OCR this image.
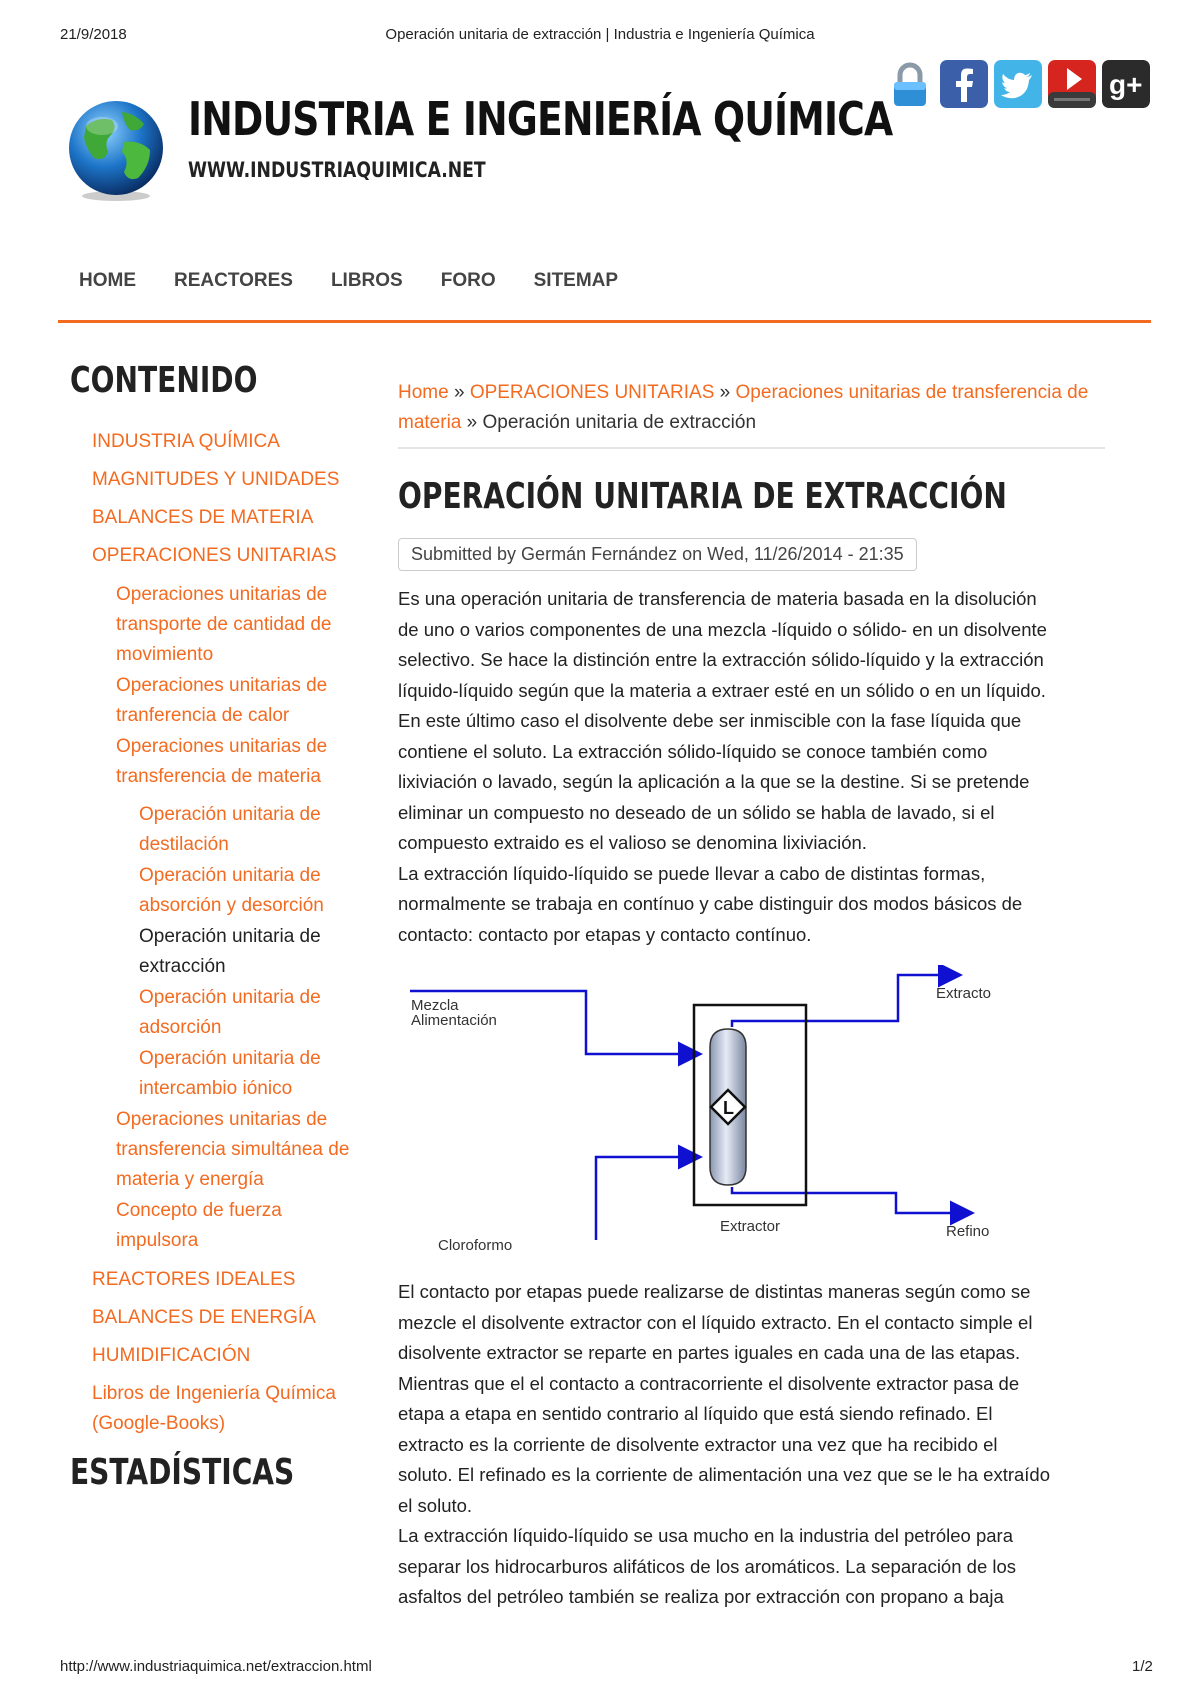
21/9/2018	Operación unitaria de extracción | Industria e Ingeniería Química
http://www.industriaquimica.net/extraccion.html	1/2
INDUSTRIA E INGENIERÍA QUÍMICA
WWW.INDUSTRIAQUIMICA.NET
g+
HOME	REACTORES	LIBROS	FORO	SITEMAP
CONTENIDO
INDUSTRIA QUÍMICA
MAGNITUDES Y UNIDADES
BALANCES DE MATERIA
OPERACIONES UNITARIAS
Operaciones unitarias de transporte de cantidad de movimiento
Operaciones unitarias de tranferencia de calor
Operaciones unitarias de transferencia de materia
Operación unitaria de destilación
Operación unitaria de absorción y desorción
Operación unitaria de extracción
Operación unitaria de adsorción
Operación unitaria de intercambio iónico
Operaciones unitarias de transferencia simultánea de materia y energía
Concepto de fuerza impulsora
REACTORES IDEALES
BALANCES DE ENERGÍA
HUMIDIFICACIÓN
Libros de Ingeniería Química (Google-Books)
ESTADÍSTICAS
Home » OPERACIONES UNITARIAS » Operaciones unitarias de transferencia de materia » Operación unitaria de extracción
OPERACIÓN UNITARIA DE EXTRACCIÓN
Submitted by Germán Fernández on Wed, 11/26/2014 - 21:35

Es una operación unitaria de transferencia de materia basada en la disolución

de uno o varios componentes de una mezcla -líquido o sólido- en un disolvente

selectivo. Se hace la distinción entre la extracción sólido-líquido y la extracción

líquido-líquido según que la materia a extraer esté en un sólido o en un líquido.

En este último caso el disolvente debe ser inmiscible con la fase líquida que

contiene el soluto. La extracción sólido-líquido se conoce también como

lixiviación o lavado, según la aplicación a la que se la destine. Si se pretende

eliminar un compuesto no deseado de un sólido se habla de lavado, si el

compuesto extraido es el valioso se denomina lixiviación.

La extracción líquido-líquido se puede llevar a cabo de distintas formas,

normalmente se trabaja en contínuo y cabe distinguir dos modos básicos de

contacto: contacto por etapas y contacto contínuo.

L
Mezcla
Alimentación
Cloroformo
Extractor
Extracto
Refino

El contacto por etapas puede realizarse de distintas maneras según como se

mezcle el disolvente extractor con el líquido extracto. En el contacto simple el

disolvente extractor se reparte en partes iguales en cada una de las etapas.

Mientras que el el contacto a contracorriente el disolvente extractor pasa de

etapa a etapa en sentido contrario al líquido que está siendo refinado. El

extracto es la corriente de disolvente extractor una vez que ha recibido el

soluto. El refinado es la corriente de alimentación una vez que se le ha extraído

el soluto.

La extracción líquido-líquido se usa mucho en la industria del petróleo para

separar los hidrocarburos alifáticos de los aromáticos. La separación de los

asfaltos del petróleo también se realiza por extracción con propano a baja
